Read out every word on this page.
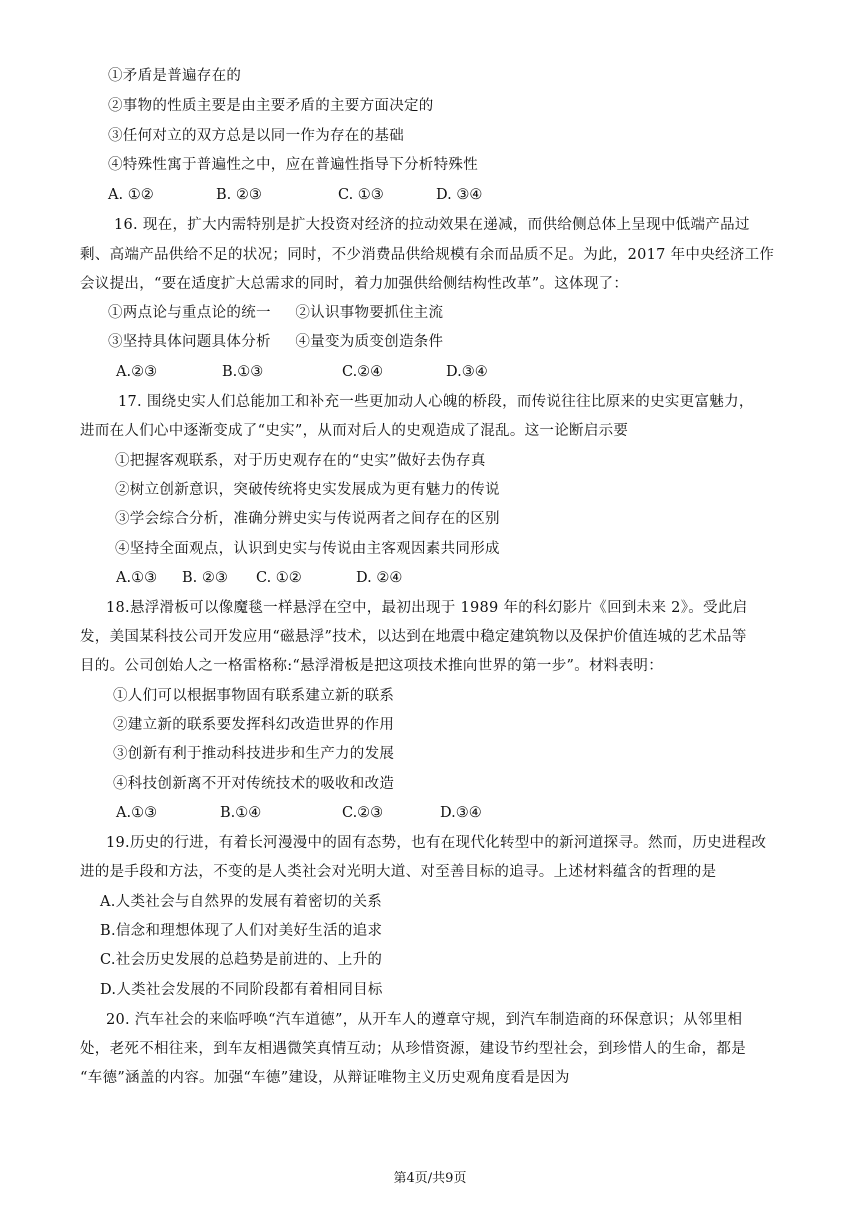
①矛盾是普遍存在的
②事物的性质主要是由主要矛盾的主要方面决定的
③任何对立的双方总是以同一作为存在的基础
④特殊性寓于普遍性之中，应在普遍性指导下分析特殊性
A. ①②	B. ②③	C. ①③	D. ③④
16. 现在，扩大内需特别是扩大投资对经济的拉动效果在递减，而供给侧总体上呈现中低端产品过
剩、高端产品供给不足的状况；同时，不少消费品供给规模有余而品质不足。为此，2017 年中央经济工作
会议提出，“要在适度扩大总需求的同时，着力加强供给侧结构性改革”。这体现了：
①两点论与重点论的统一     ②认识事物要抓住主流
③坚持具体问题具体分析     ④量变为质变创造条件
A.②③	B.①③	C.②④	D.③④
17. 围绕史实人们总能加工和补充一些更加动人心魄的桥段，而传说往往比原来的史实更富魅力，
进而在人们心中逐渐变成了“史实”，从而对后人的史观造成了混乱。这一论断启示要
①把握客观联系，对于历史观存在的“史实”做好去伪存真
②树立创新意识，突破传统将史实发展成为更有魅力的传说
③学会综合分析，准确分辨史实与传说两者之间存在的区别
④坚持全面观点，认识到史实与传说由主客观因素共同形成
A.①③ B. ②③ C. ①②	D. ②④
18.悬浮滑板可以像魔毯一样悬浮在空中，最初出现于 1989 年的科幻影片《回到未来 2》。受此启
发，美国某科技公司开发应用“磁悬浮”技术，以达到在地震中稳定建筑物以及保护价值连城的艺术品等
目的。公司创始人之一格雷格称:“悬浮滑板是把这项技术推向世界的第一步”。材料表明：
①人们可以根据事物固有联系建立新的联系
②建立新的联系要发挥科幻改造世界的作用
③创新有利于推动科技进步和生产力的发展
④科技创新离不开对传统技术的吸收和改造
A.①③	B.①④	C.②③	D.③④
19.历史的行进，有着长河漫漫中的固有态势，也有在现代化转型中的新河道探寻。然而，历史进程改
进的是手段和方法，不变的是人类社会对光明大道、对至善目标的追寻。上述材料蕴含的哲理的是
A.人类社会与自然界的发展有着密切的关系
B.信念和理想体现了人们对美好生活的追求
C.社会历史发展的总趋势是前进的、上升的
D.人类社会发展的不同阶段都有着相同目标
20. 汽车社会的来临呼唤“汽车道德”，从开车人的遵章守规，到汽车制造商的环保意识；从邻里相
处，老死不相往来，到车友相遇微笑真情互动；从珍惜资源，建设节约型社会，到珍惜人的生命，都是
“车德”涵盖的内容。加强“车德”建设，从辩证唯物主义历史观角度看是因为
第4页/共9页
